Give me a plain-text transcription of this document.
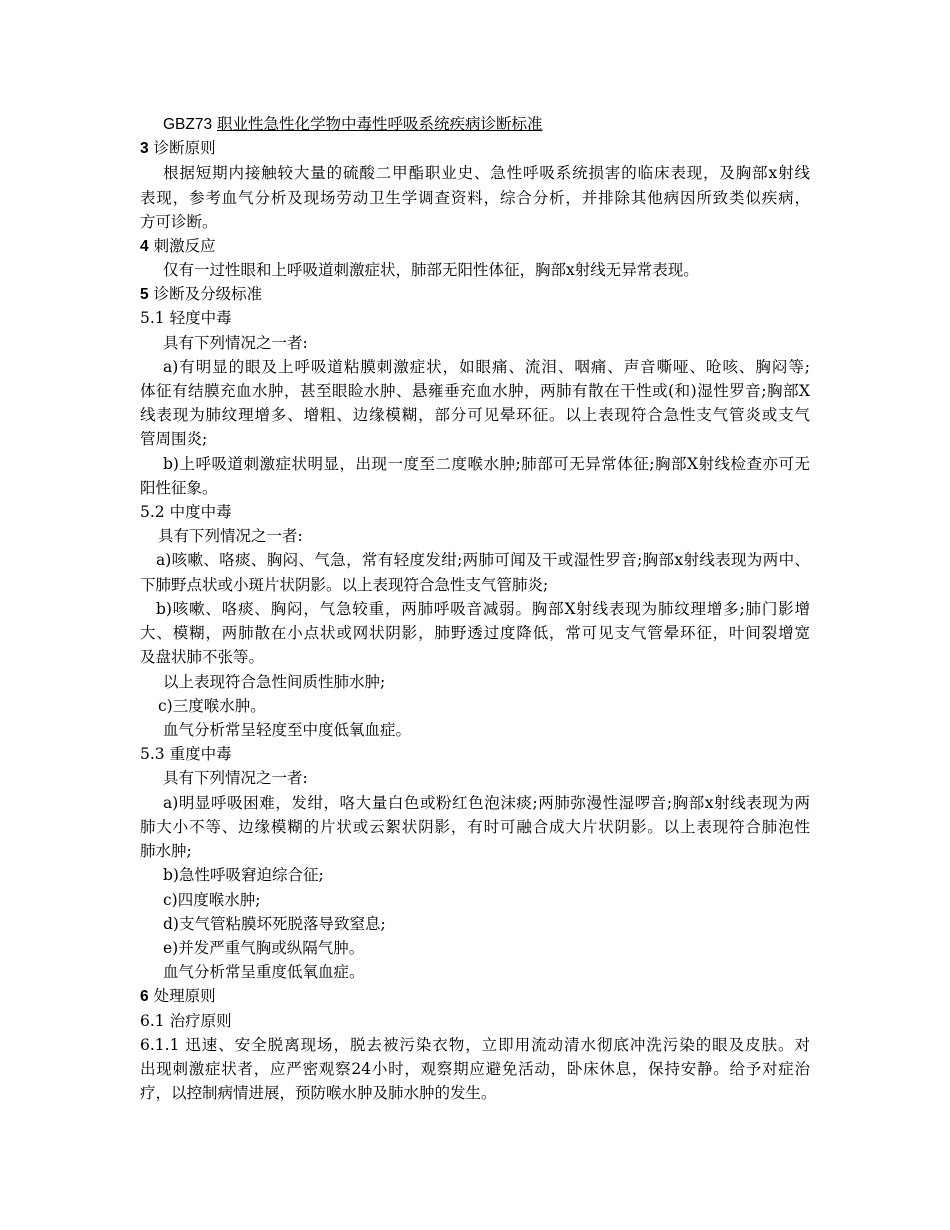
GBZ73 职业性急性化学物中毒性呼吸系统疾病诊断标准
3 诊断原则
根据短期内接触较大量的硫酸二甲酯职业史、急性呼吸系统损害的临床表现，及胸部x射线
表现，参考血气分析及现场劳动卫生学调查资料，综合分析，并排除其他病因所致类似疾病，
方可诊断。
4 刺激反应
仅有一过性眼和上呼吸道刺激症状，肺部无阳性体征，胸部x射线无异常表现。
5 诊断及分级标准
5.1 轻度中毒
具有下列情况之一者:
a)有明显的眼及上呼吸道粘膜刺激症状，如眼痛、流泪、咽痛、声音嘶哑、呛咳、胸闷等;
体征有结膜充血水肿，甚至眼睑水肿、悬雍垂充血水肿，两肺有散在干性或(和)湿性罗音;胸部X
线表现为肺纹理增多、增粗、边缘模糊，部分可见晕环征。以上表现符合急性支气管炎或支气
管周围炎;
b)上呼吸道刺激症状明显，出现一度至二度喉水肿;肺部可无异常体征;胸部X射线检查亦可无
阳性征象。
5.2 中度中毒
具有下列情况之一者:
a)咳嗽、咯痰、胸闷、气急，常有轻度发绀;两肺可闻及干或湿性罗音;胸部x射线表现为两中、
下肺野点状或小斑片状阴影。以上表现符合急性支气管肺炎;
b)咳嗽、咯痰、胸闷，气急较重，两肺呼吸音减弱。胸部X射线表现为肺纹理增多;肺门影增
大、模糊，两肺散在小点状或网状阴影，肺野透过度降低，常可见支气管晕环征，叶间裂增宽
及盘状肺不张等。
以上表现符合急性间质性肺水肿;
c)三度喉水肿。
血气分析常呈轻度至中度低氧血症。
5.3 重度中毒
具有下列情况之一者:
a)明显呼吸困难，发绀，咯大量白色或粉红色泡沫痰;两肺弥漫性湿啰音;胸部x射线表现为两
肺大小不等、边缘模糊的片状或云絮状阴影，有时可融合成大片状阴影。以上表现符合肺泡性
肺水肿;
b)急性呼吸窘迫综合征;
c)四度喉水肿;
d)支气管粘膜坏死脱落导致窒息;
e)并发严重气胸或纵隔气肿。
血气分析常呈重度低氧血症。
6 处理原则
6.1 治疗原则
6.1.1 迅速、安全脱离现场，脱去被污染衣物，立即用流动清水彻底冲洗污染的眼及皮肤。对
出现刺激症状者，应严密观察24小时，观察期应避免活动，卧床休息，保持安静。给予对症治
疗，以控制病情进展，预防喉水肿及肺水肿的发生。
